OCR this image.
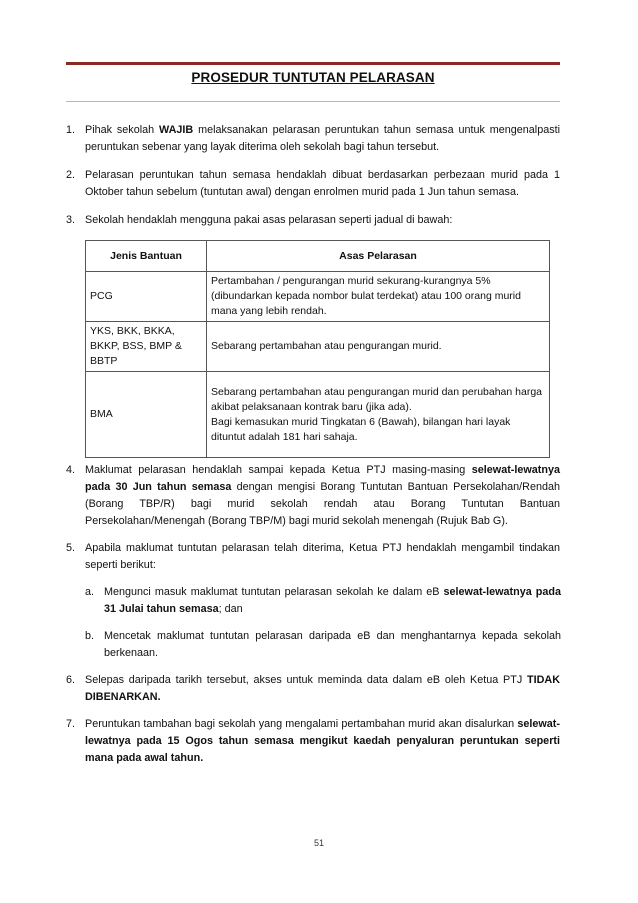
PROSEDUR TUNTUTAN PELARASAN
1. Pihak sekolah WAJIB melaksanakan pelarasan peruntukan tahun semasa untuk mengenalpasti peruntukan sebenar yang layak diterima oleh sekolah bagi tahun tersebut.
2. Pelarasan peruntukan tahun semasa hendaklah dibuat berdasarkan perbezaan murid pada 1 Oktober tahun sebelum (tuntutan awal) dengan enrolmen murid pada 1 Jun tahun semasa.
3. Sekolah hendaklah mengguna pakai asas pelarasan seperti jadual di bawah:
Jenis Bantuan	Asas Pelarasan
PCG	Pertambahan / pengurangan murid sekurang-kurangnya 5% (dibundarkan kepada nombor bulat terdekat) atau 100 orang murid mana yang lebih rendah.
YKS, BKK, BKKA, BKKP, BSS, BMP & BBTP	Sebarang pertambahan atau pengurangan murid.
BMA	Sebarang pertambahan atau pengurangan murid dan perubahan harga akibat pelaksanaan kontrak baru (jika ada).
Bagi kemasukan murid Tingkatan 6 (Bawah), bilangan hari layak dituntut adalah 181 hari sahaja.
4. Maklumat pelarasan hendaklah sampai kepada Ketua PTJ masing-masing selewat-lewatnya pada 30 Jun tahun semasa dengan mengisi Borang Tuntutan Bantuan Persekolahan/Rendah (Borang TBP/R) bagi murid sekolah rendah atau Borang Tuntutan Bantuan Persekolahan/Menengah (Borang TBP/M) bagi murid sekolah menengah (Rujuk Bab G).
5. Apabila maklumat tuntutan pelarasan telah diterima, Ketua PTJ hendaklah mengambil tindakan seperti berikut:
a. Mengunci masuk maklumat tuntutan pelarasan sekolah ke dalam eB selewat-lewatnya pada 31 Julai tahun semasa; dan
b. Mencetak maklumat tuntutan pelarasan daripada eB dan menghantarnya kepada sekolah berkenaan.
6. Selepas daripada tarikh tersebut, akses untuk meminda data dalam eB oleh Ketua PTJ TIDAK DIBENARKAN.
7. Peruntukan tambahan bagi sekolah yang mengalami pertambahan murid akan disalurkan selewat-lewatnya pada 15 Ogos tahun semasa mengikut kaedah penyaluran peruntukan seperti mana pada awal tahun.
51
